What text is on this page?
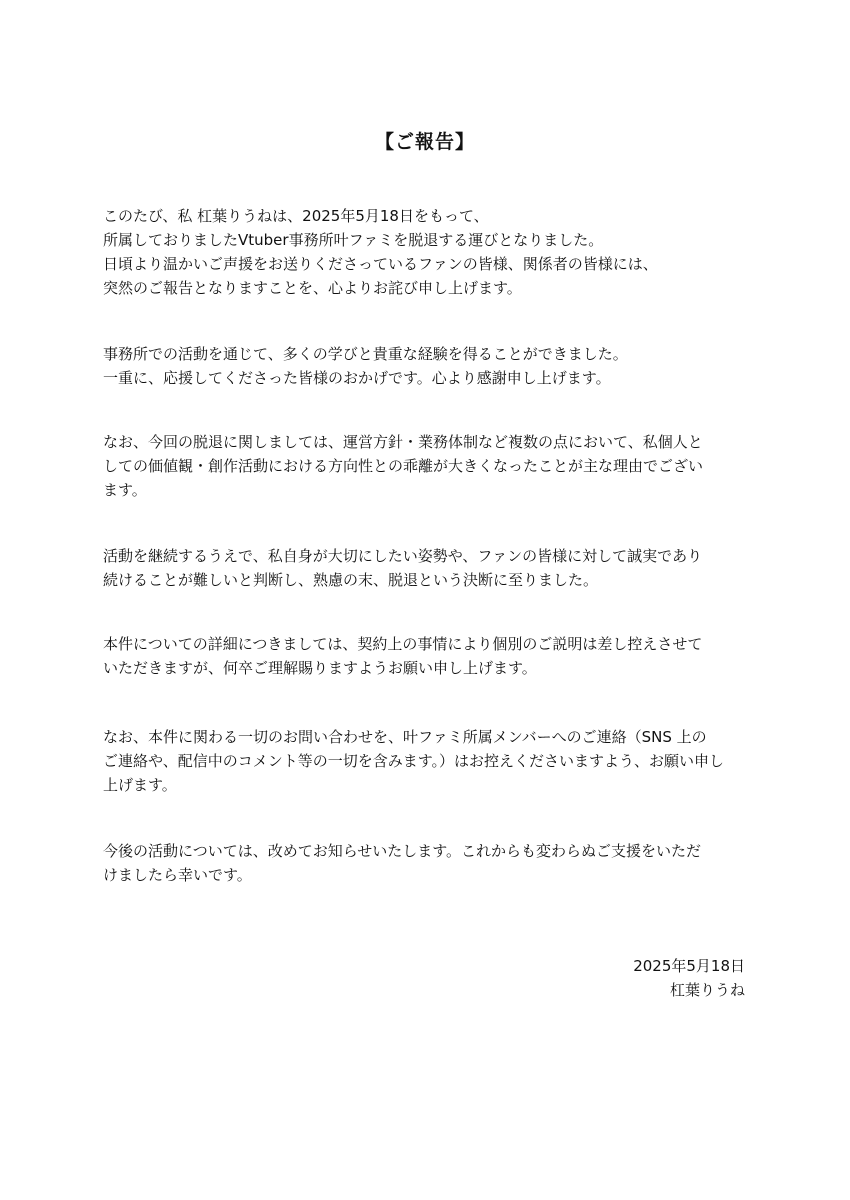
【ご報告】
このたび、私 杠葉りうねは、2025年5月18日をもって、
所属しておりましたVtuber事務所叶ファミを脱退する運びとなりました。
日頃より温かいご声援をお送りくださっているファンの皆様、関係者の皆様には、
突然のご報告となりますことを、心よりお詫び申し上げます。
事務所での活動を通じて、多くの学びと貴重な経験を得ることができました。
一重に、応援してくださった皆様のおかげです。心より感謝申し上げます。
なお、今回の脱退に関しましては、運営方針・業務体制など複数の点において、私個人と
しての価値観・創作活動における方向性との乖離が大きくなったことが主な理由でござい
ます。
活動を継続するうえで、私自身が大切にしたい姿勢や、ファンの皆様に対して誠実であり
続けることが難しいと判断し、熟慮の末、脱退という決断に至りました。
本件についての詳細につきましては、契約上の事情により個別のご説明は差し控えさせて
いただきますが、何卒ご理解賜りますようお願い申し上げます。
なお、本件に関わる一切のお問い合わせを、叶ファミ所属メンバーへのご連絡（SNS 上の
ご連絡や、配信中のコメント等の一切を含みます。）はお控えくださいますよう、お願い申し
上げます。
今後の活動については、改めてお知らせいたします。これからも変わらぬご支援をいただ
けましたら幸いです。
2025年5月18日
杠葉りうね
